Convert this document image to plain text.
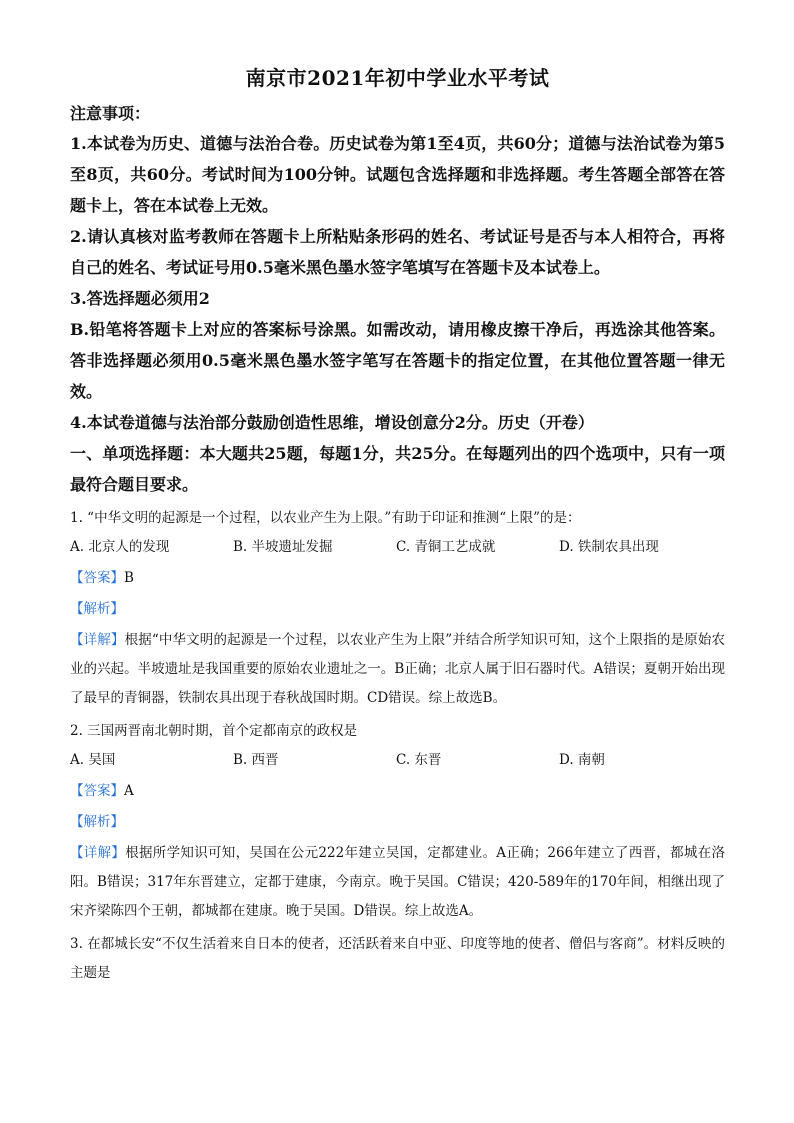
南京市2021年初中学业水平考试
注意事项：

1.本试卷为历史、道德与法治合卷。历史试卷为第1至4页，共60分；道德与法治试卷为第5至8页，共60分。考试时间为100分钟。试题包含选择题和非选择题。考生答题全部答在答题卡上，答在本试卷上无效。

2.请认真核对监考教师在答题卡上所粘贴条形码的姓名、考试证号是否与本人相符合，再将自己的姓名、考试证号用0.5毫米黑色墨水签字笔填写在答题卡及本试卷上。

3.答选择题必须用2

B.铅笔将答题卡上对应的答案标号涂黑。如需改动，请用橡皮擦干净后，再选涂其他答案。答非选择题必须用0.5毫米黑色墨水签字笔写在答题卡的指定位置，在其他位置答题一律无效。

4.本试卷道德与法治部分鼓励创造性思维，增设创意分2分。历史（开卷）

一、单项选择题：本大题共25题，每题1分，共25分。在每题列出的四个选项中，只有一项最符合题目要求。
1. “中华文明的起源是一个过程，以农业产生为上限。”有助于印证和推测“上限”的是：
A. 北京人的发现	B. 半坡遗址发掘	C. 青铜工艺成就	D. 铁制农具出现
【答案】B
【解析】
【详解】根据“中华文明的起源是一个过程，以农业产生为上限”并结合所学知识可知，这个上限指的是原始农业的兴起。半坡遗址是我国重要的原始农业遗址之一。B正确；北京人属于旧石器时代。A错误；夏朝开始出现了最早的青铜器，铁制农具出现于春秋战国时期。CD错误。综上故选B。
2. 三国两晋南北朝时期，首个定都南京的政权是
A. 吴国	B. 西晋	C. 东晋	D. 南朝
【答案】A
【解析】
【详解】根据所学知识可知，吴国在公元222年建立吴国，定都建业。A正确；266年建立了西晋，都城在洛阳。B错误；317年东晋建立，定都于建康，今南京。晚于吴国。C错误；420-589年的170年间，相继出现了宋齐梁陈四个王朝，都城都在建康。晚于吴国。D错误。综上故选A。
3. 在都城长安“不仅生活着来自日本的使者，还活跃着来自中亚、印度等地的使者、僧侣与客商”。材料反映的主题是
